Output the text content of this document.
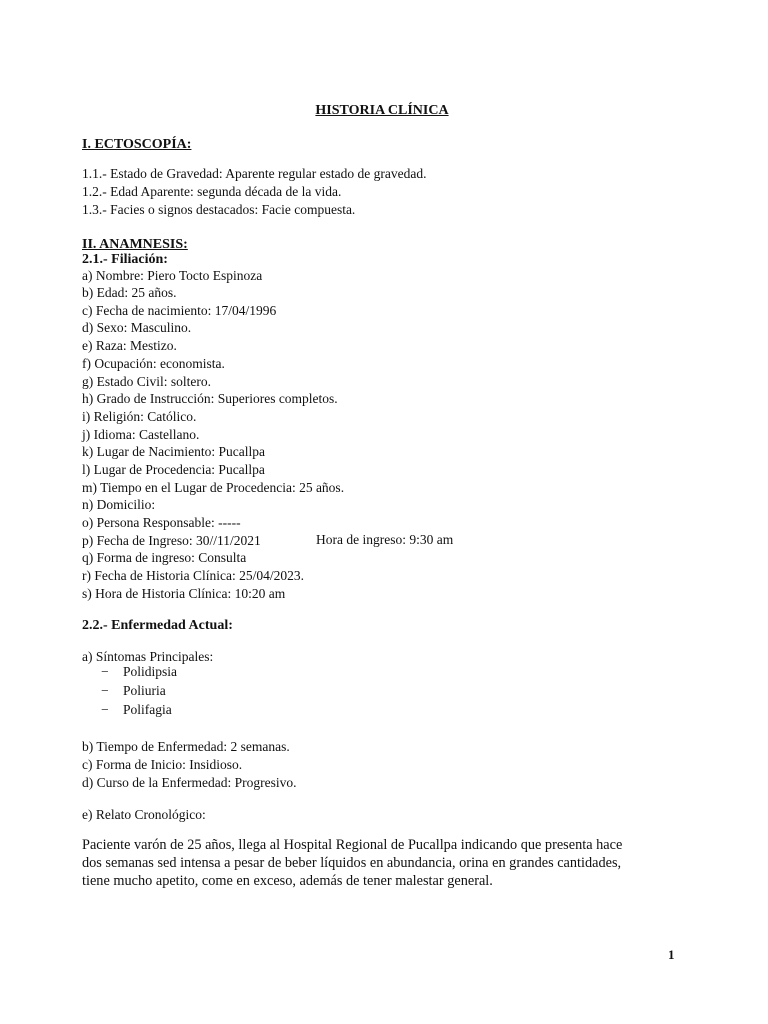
HISTORIA CLÍNICA
I. ECTOSCOPÍA:
1.1.- Estado de Gravedad: Aparente regular estado de gravedad.
1.2.- Edad Aparente: segunda década de la vida.
1.3.- Facies o signos destacados: Facie compuesta.
II. ANAMNESIS:
2.1.- Filiación:
a) Nombre: Piero Tocto Espinoza
b) Edad: 25 años.
c) Fecha de nacimiento: 17/04/1996
d) Sexo: Masculino.
e) Raza: Mestizo.
f) Ocupación: economista.
g) Estado Civil: soltero.
h) Grado de Instrucción: Superiores completos.
i) Religión: Católico.
j) Idioma: Castellano.
k) Lugar de Nacimiento: Pucallpa
l) Lugar de Procedencia: Pucallpa
m) Tiempo en el Lugar de Procedencia: 25 años.
n) Domicilio:
o) Persona Responsable: -----
p) Fecha de Ingreso: 30//11/2021	Hora de ingreso: 9:30 am
q) Forma de ingreso: Consulta
r) Fecha de Historia Clínica: 25/04/2023.
s) Hora de Historia Clínica: 10:20 am
2.2.- Enfermedad Actual:
a) Síntomas Principales:
− Polidipsia
− Poliuria
− Polifagia
b) Tiempo de Enfermedad: 2 semanas.
c) Forma de Inicio: Insidioso.
d) Curso de la Enfermedad: Progresivo.
e) Relato Cronológico:
Paciente varón de 25 años, llega al Hospital Regional de Pucallpa indicando que presenta hace
dos semanas sed intensa a pesar de beber líquidos en abundancia, orina en grandes cantidades,
tiene mucho apetito, come en exceso, además de tener malestar general.
1
